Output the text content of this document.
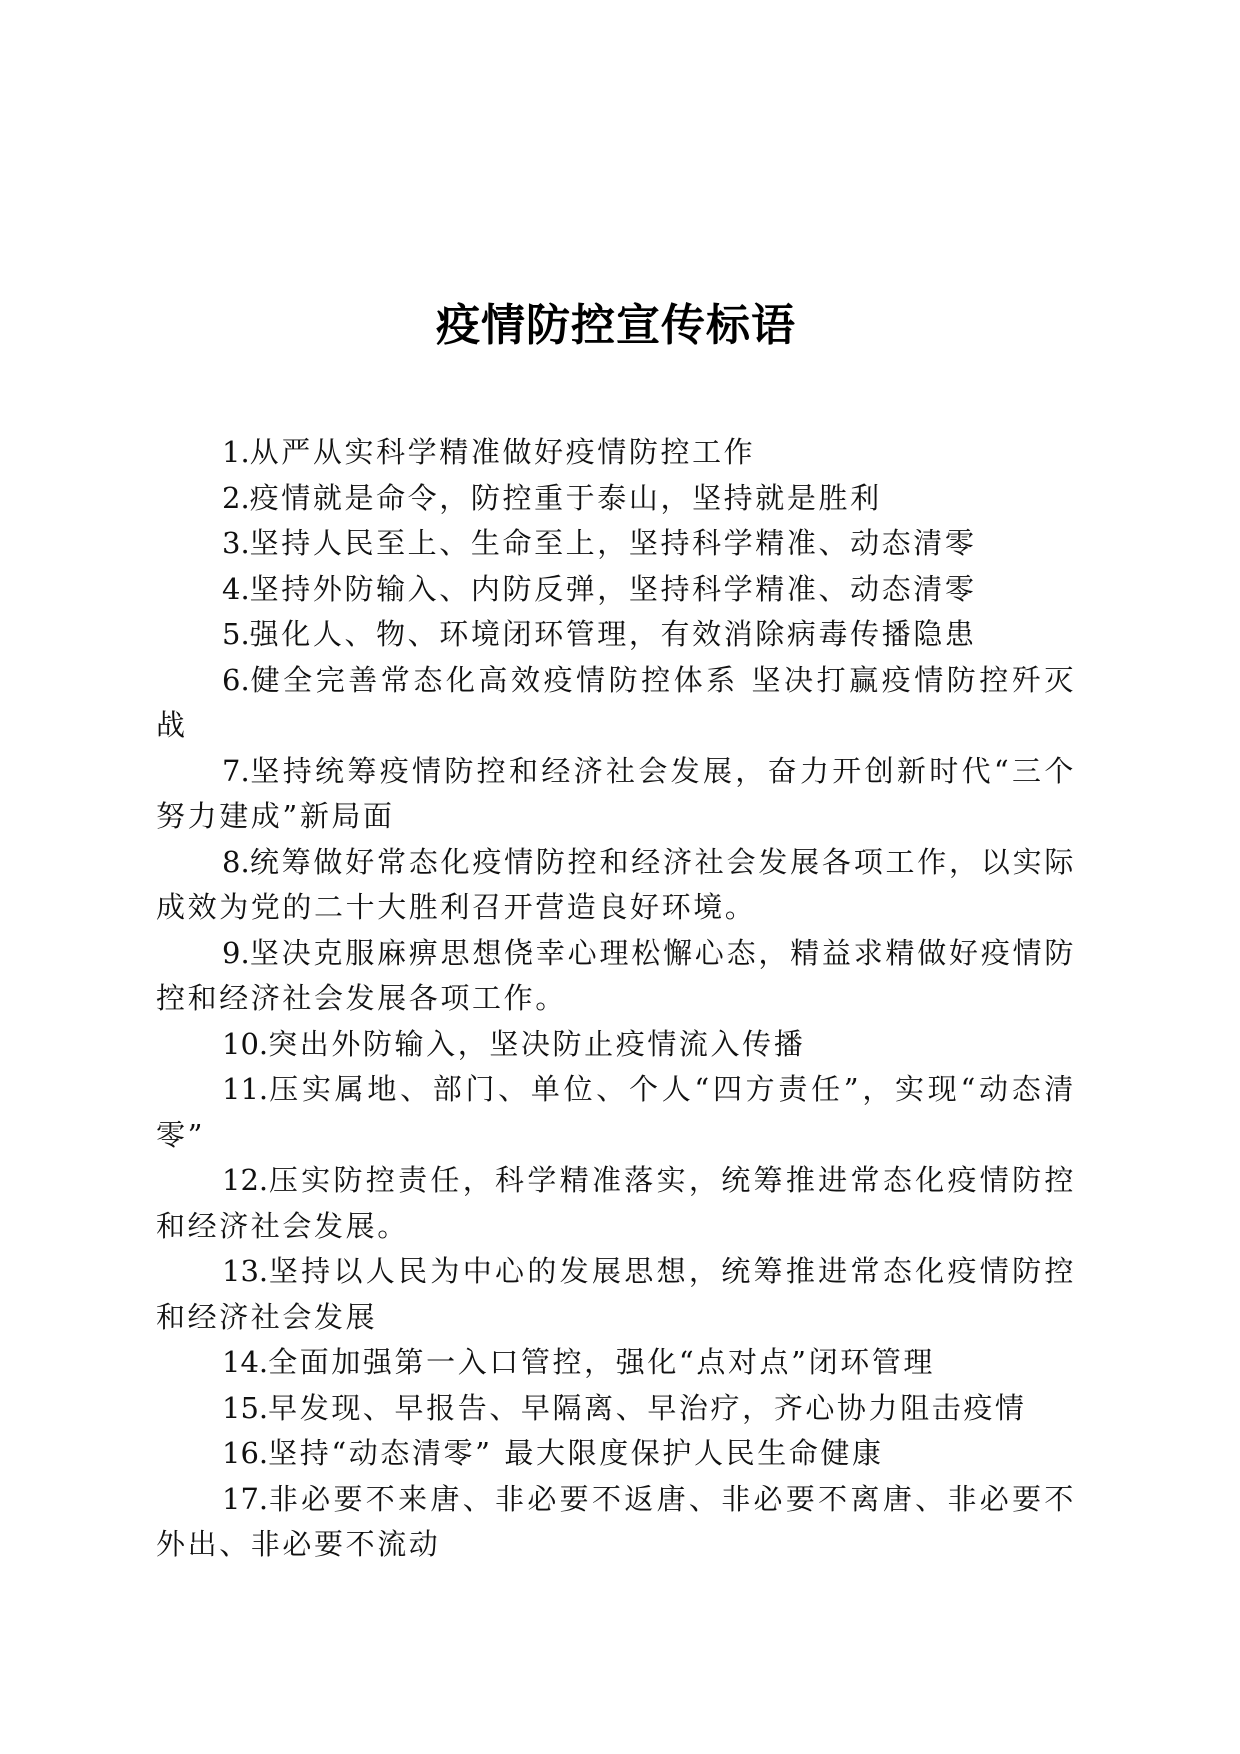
疫情防控宣传标语
1.从严从实科学精准做好疫情防控工作
2.疫情就是命令，防控重于泰山，坚持就是胜利
3.坚持人民至上、生命至上，坚持科学精准、动态清零
4.坚持外防输入、内防反弹，坚持科学精准、动态清零
5.强化人、物、环境闭环管理，有效消除病毒传播隐患
6.健全完善常态化高效疫情防控体系 坚决打赢疫情防控歼灭战
7.坚持统筹疫情防控和经济社会发展，奋力开创新时代“三个努力建成”新局面
8.统筹做好常态化疫情防控和经济社会发展各项工作，以实际成效为党的二十大胜利召开营造良好环境。
9.坚决克服麻痹思想侥幸心理松懈心态，精益求精做好疫情防控和经济社会发展各项工作。
10.突出外防输入，坚决防止疫情流入传播
11.压实属地、部门、单位、个人“四方责任”，实现“动态清零”
12.压实防控责任，科学精准落实，统筹推进常态化疫情防控和经济社会发展。
13.坚持以人民为中心的发展思想，统筹推进常态化疫情防控和经济社会发展
14.全面加强第一入口管控，强化“点对点”闭环管理
15.早发现、早报告、早隔离、早治疗，齐心协力阻击疫情
16.坚持“动态清零” 最大限度保护人民生命健康
17.非必要不来唐、非必要不返唐、非必要不离唐、非必要不外出、非必要不流动
